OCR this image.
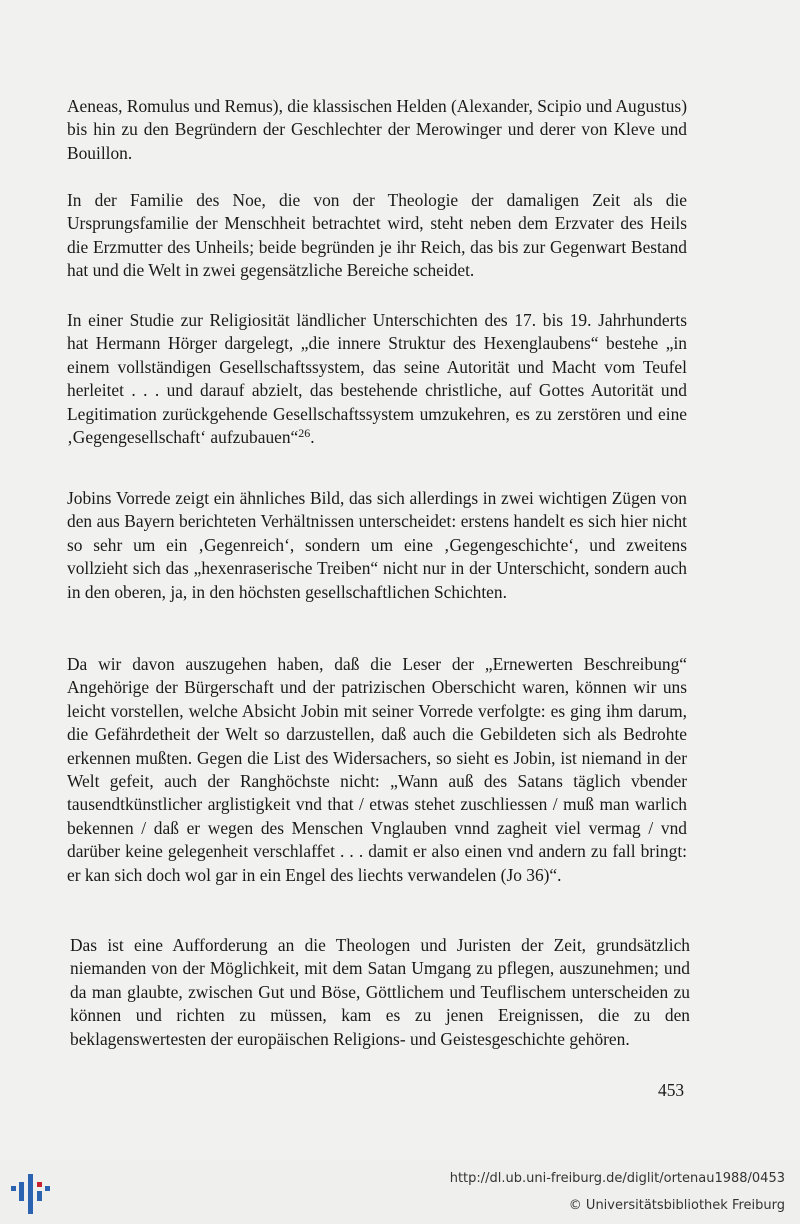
Aeneas, Romulus und Remus), die klassischen Helden (Alexander, Scipio und Augustus) bis hin zu den Begründern der Geschlechter der Merowinger und derer von Kleve und Bouillon.

In der Familie des Noe, die von der Theologie der damaligen Zeit als die Ursprungsfamilie der Menschheit betrachtet wird, steht neben dem Erzvater des Heils die Erzmutter des Unheils; beide begründen je ihr Reich, das bis zur Gegenwart Bestand hat und die Welt in zwei gegensätzliche Bereiche scheidet.

In einer Studie zur Religiosität ländlicher Unterschichten des 17. bis 19. Jahrhunderts hat Hermann Hörger dargelegt, „die innere Struktur des Hexenglaubens“ bestehe „in einem vollständigen Gesellschaftssystem, das seine Autorität und Macht vom Teufel herleitet . . . und darauf abzielt, das bestehende christliche, auf Gottes Autorität und Legitimation zurückgehende Gesellschaftssystem umzukehren, es zu zerstören und eine ‚Gegengesellschaft‘ aufzubauen“$^{26}$.

Jobins Vorrede zeigt ein ähnliches Bild, das sich allerdings in zwei wichtigen Zügen von den aus Bayern berichteten Verhältnissen unterscheidet: erstens handelt es sich hier nicht so sehr um ein ‚Gegenreich‘, sondern um eine ‚Gegengeschichte‘, und zweitens vollzieht sich das „hexenraserische Treiben“ nicht nur in der Unterschicht, sondern auch in den oberen, ja, in den höchsten gesellschaftlichen Schichten.

Da wir davon auszugehen haben, daß die Leser der „Ernewerten Beschreibung“ Angehörige der Bürgerschaft und der patrizischen Oberschicht waren, können wir uns leicht vorstellen, welche Absicht Jobin mit seiner Vorrede verfolgte: es ging ihm darum, die Gefährdetheit der Welt so darzustellen, daß auch die Gebildeten sich als Bedrohte erkennen mußten. Gegen die List des Widersachers, so sieht es Jobin, ist niemand in der Welt gefeit, auch der Ranghöchste nicht: „Wann auß des Satans täglich vbender tausendtkünstlicher arglistigkeit vnd that / etwas stehet zuschliessen / muß man warlich bekennen / daß er wegen des Menschen Vnglauben vnnd zagheit viel vermag / vnd darüber keine gelegenheit verschlaffet . . . damit er also einen vnd andern zu fall bringt: er kan sich doch wol gar in ein Engel des liechts verwandelen (Jo 36)“.

Das ist eine Aufforderung an die Theologen und Juristen der Zeit, grundsätzlich niemanden von der Möglichkeit, mit dem Satan Umgang zu pflegen, auszunehmen; und da man glaubte, zwischen Gut und Böse, Göttlichem und Teuflischem unterscheiden zu können und richten zu müssen, kam es zu jenen Ereignissen, die zu den beklagenswertesten der europäischen Religions- und Geistesgeschichte gehören.

453
http://dl.ub.uni-freiburg.de/diglit/ortenau1988/0453
© Universitätsbibliothek Freiburg
